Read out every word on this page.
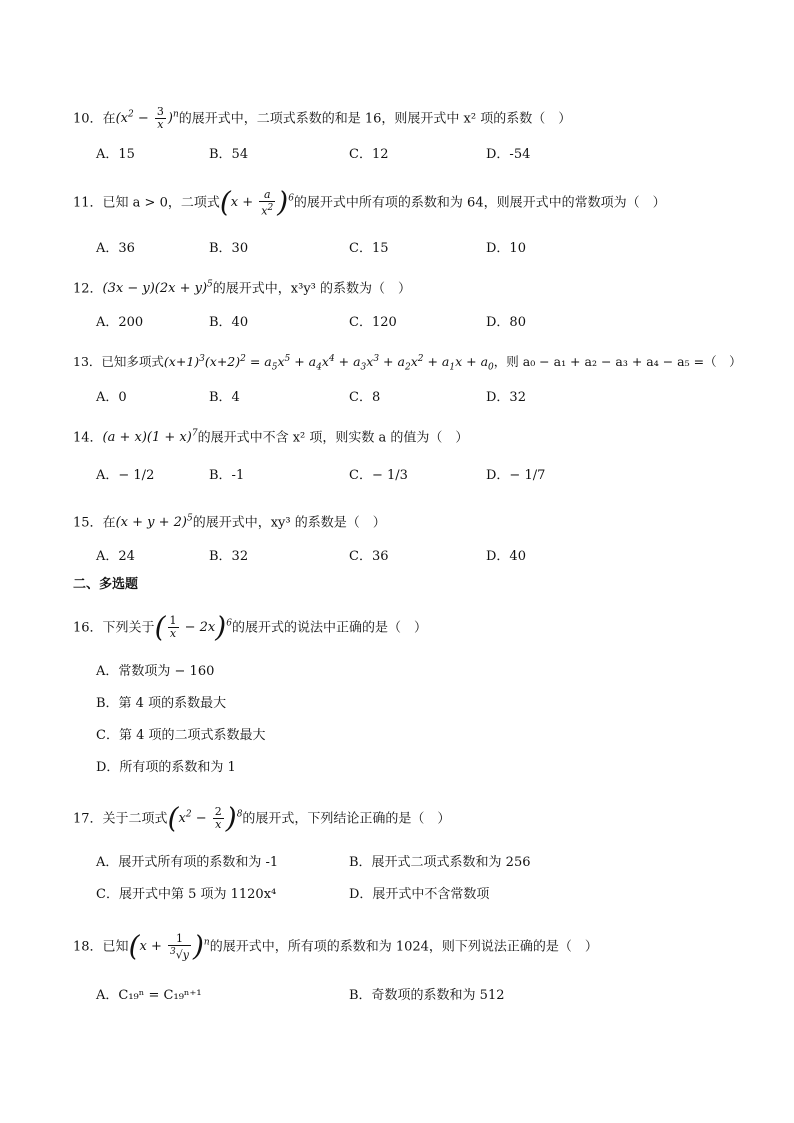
10．在$(x^2 - \frac{3}{x} )^n$的展开式中，二项式系数的和是 16，则展开式中 x² 项的系数（　）
A．15	B．54	C．12	D．-54
11．已知 a > 0，二项式$(x + \frac{a}{x^2} )^6$的展开式中所有项的系数和为 64，则展开式中的常数项为（　）
A．36	B．30	C．15	D．10
12．$(3x - y)(2x + y)^5$的展开式中，x³y³ 的系数为（　）
A．200	B．40	C．120	D．80
13．已知多项式$(x+1)^3(x+2)^2 = a_5x^5 + a_4x^4 + a_3x^3 + a_2x^2 + a_1x + a_0$，则 a₀ − a₁ + a₂ − a₃ + a₄ − a₅ =（　）
A．0	B．4	C．8	D．32
14．$(a + x)(1 + x)^7$的展开式中不含 x² 项，则实数 a 的值为（　）
A．− 1/2	B．-1	C．− 1/3	D．− 1/7
15．在$(x + y + 2)^5$的展开式中，xy³ 的系数是（　）
A．24	B．32	C．36	D．40
二、多选题
16．下列关于( $\frac{1}{x} - 2x)^6$的展开式的说法中正确的是（　）
A．常数项为 − 160
B．第 4 项的系数最大
C．第 4 项的二项式系数最大
D．所有项的系数和为 1
17．关于二项式$(x^2 - \frac{2}{x} )^8$的展开式，下列结论正确的是（　）
A．展开式所有项的系数和为 -1	B．展开式二项式系数和为 256
C．展开式中第 5 项为 1120x⁴	D．展开式中不含常数项
18．已知$(x + \frac{1}{^3√y} )^n$的展开式中，所有项的系数和为 1024，则下列说法正确的是（　）
A．C₁₉ⁿ = C₁₉ⁿ⁺¹	B．奇数项的系数和为 512
